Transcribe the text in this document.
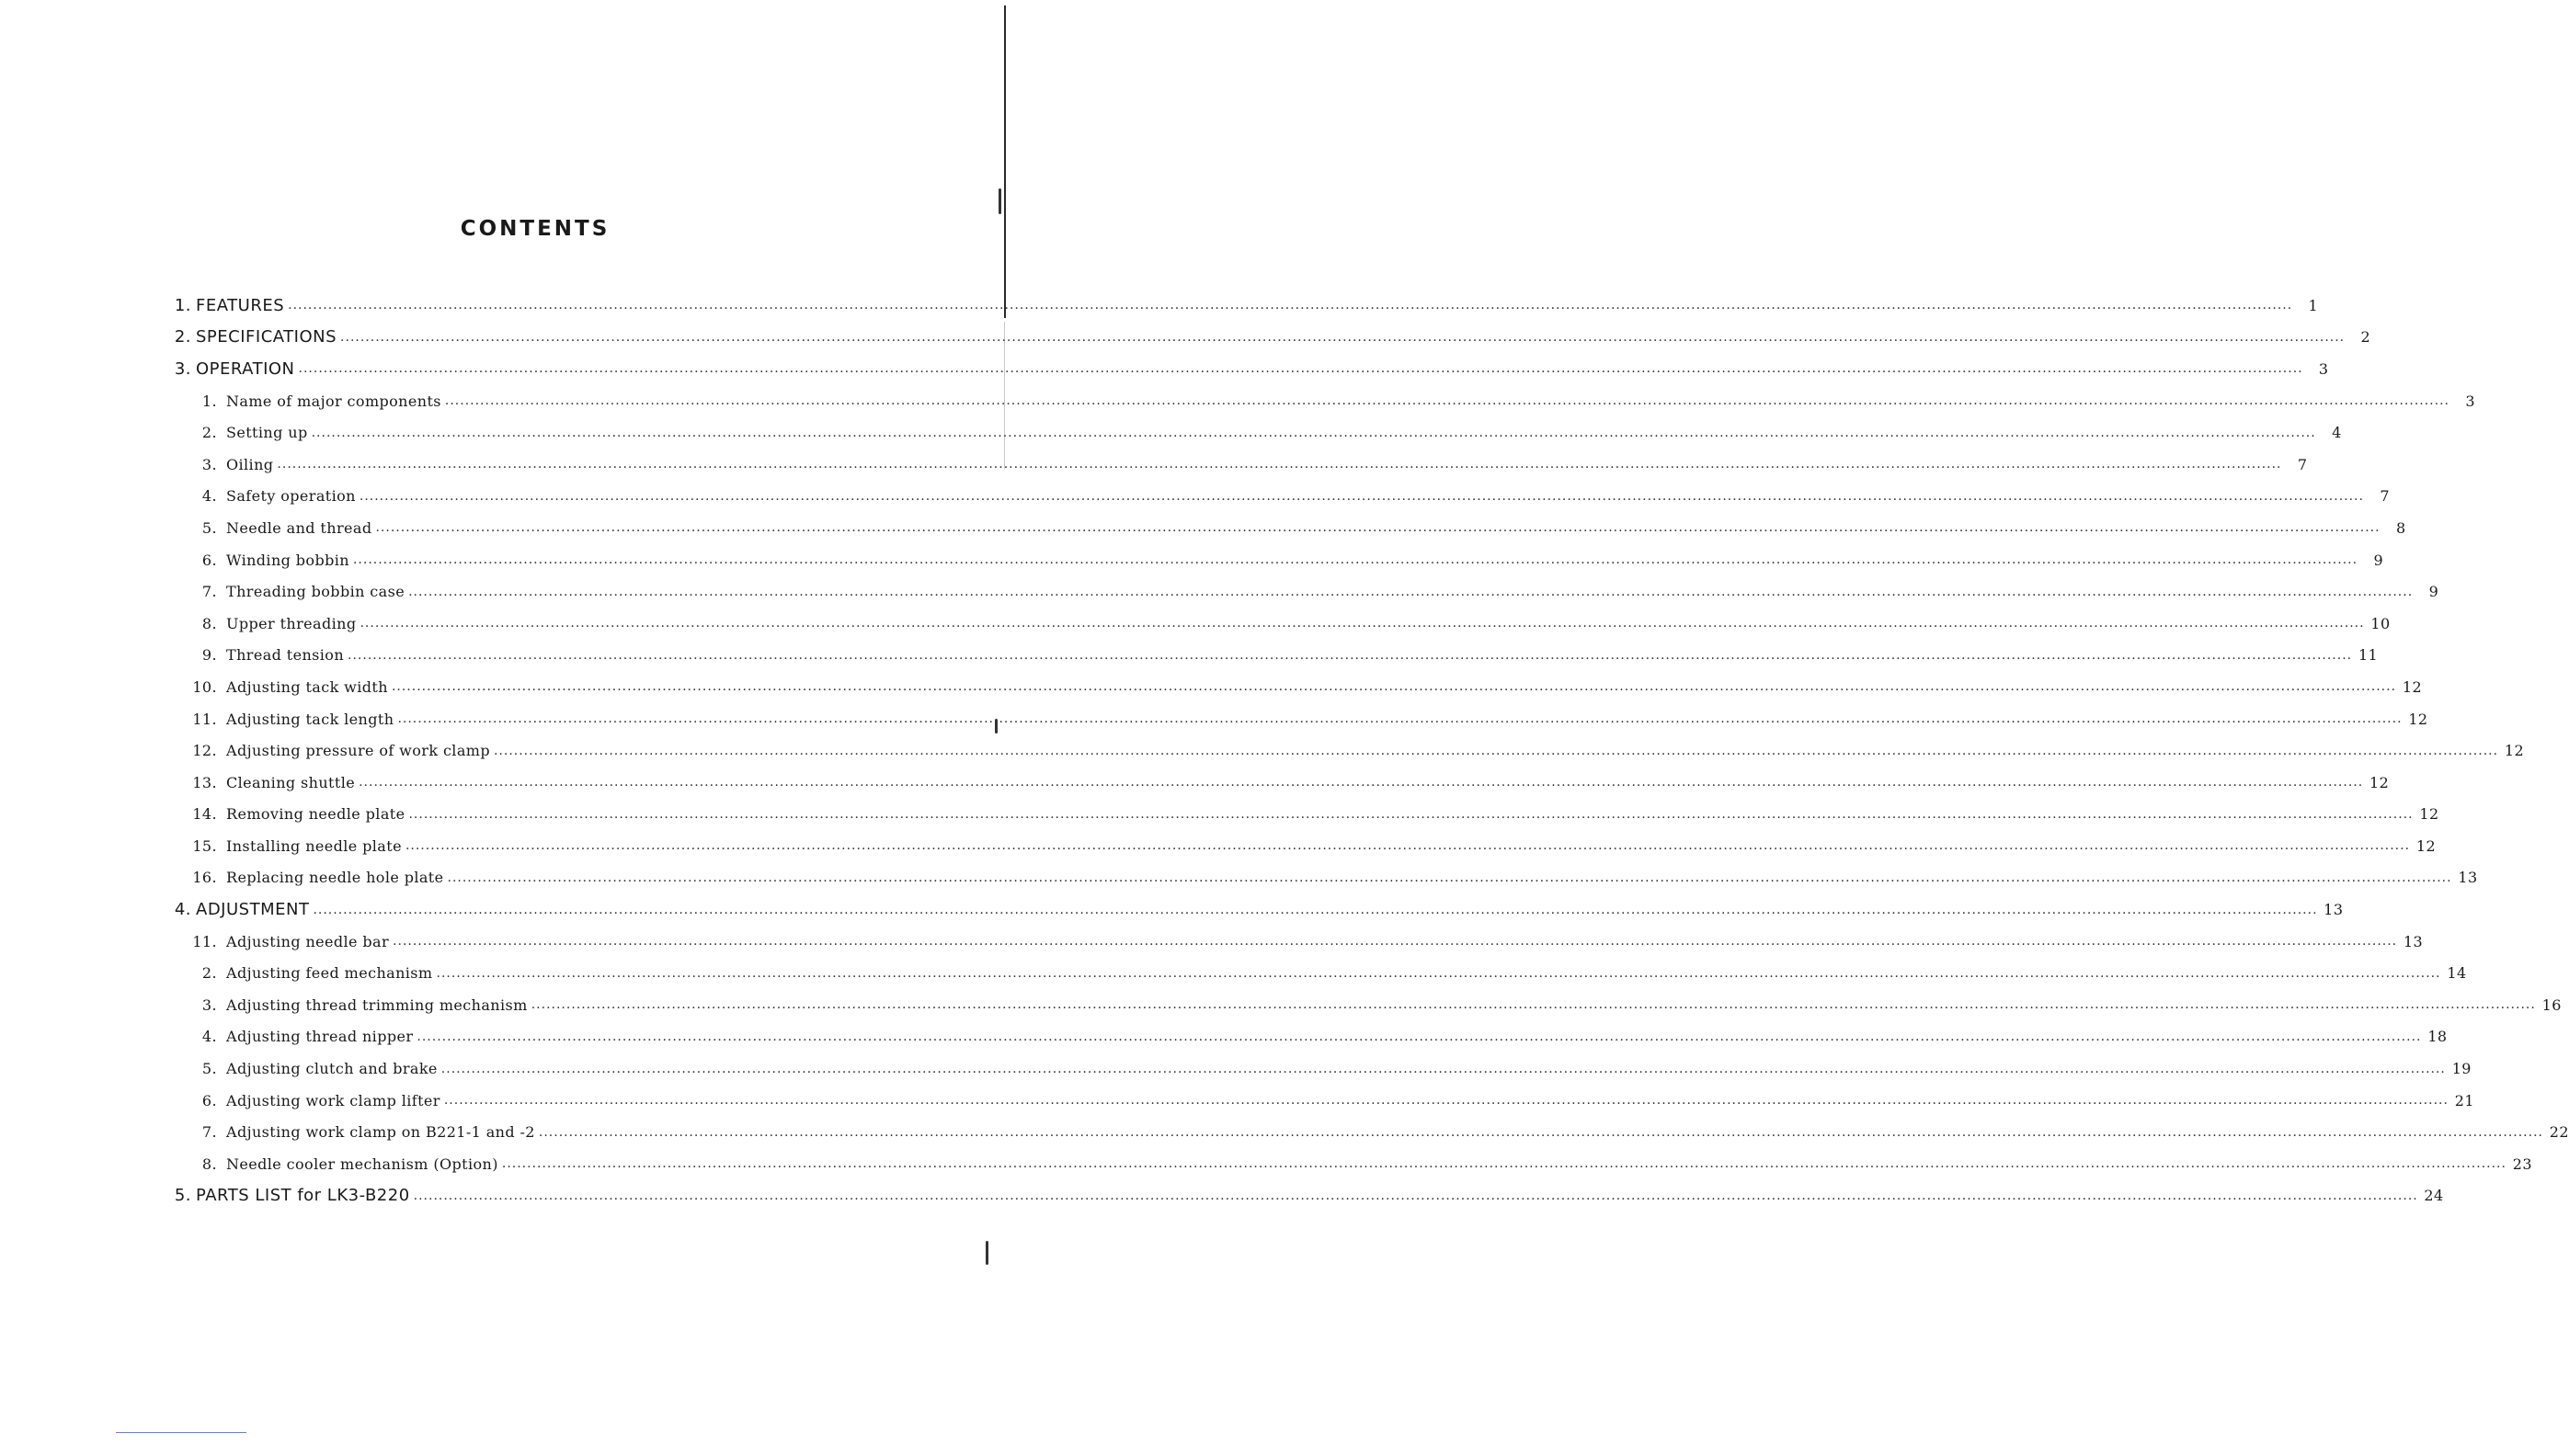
CONTENTS
1. FEATURES ................................................................................................................................................................................................................................................................................................................................................................................................................	1
2. SPECIFICATIONS ................................................................................................................................................................................................................................................................................................................................................................................................................	2
3. OPERATION ................................................................................................................................................................................................................................................................................................................................................................................................................	3
1. Name of major components ................................................................................................................................................................................................................................................................................................................................................................................................................	3
2. Setting up ................................................................................................................................................................................................................................................................................................................................................................................................................	4
3. Oiling ................................................................................................................................................................................................................................................................................................................................................................................................................	7
4. Safety operation ................................................................................................................................................................................................................................................................................................................................................................................................................	7
5. Needle and thread ................................................................................................................................................................................................................................................................................................................................................................................................................	8
6. Winding bobbin ................................................................................................................................................................................................................................................................................................................................................................................................................	9
7. Threading bobbin case ................................................................................................................................................................................................................................................................................................................................................................................................................	9
8. Upper threading ................................................................................................................................................................................................................................................................................................................................................................................................................ 10
9. Thread tension ................................................................................................................................................................................................................................................................................................................................................................................................................ 11
10. Adjusting tack width ................................................................................................................................................................................................................................................................................................................................................................................................................ 12
11. Adjusting tack length ................................................................................................................................................................................................................................................................................................................................................................................................................ 12
12. Adjusting pressure of work clamp ................................................................................................................................................................................................................................................................................................................................................................................................................ 12
13. Cleaning shuttle ................................................................................................................................................................................................................................................................................................................................................................................................................ 12
14. Removing needle plate ................................................................................................................................................................................................................................................................................................................................................................................................................ 12
15. Installing needle plate ................................................................................................................................................................................................................................................................................................................................................................................................................ 12
16. Replacing needle hole plate ................................................................................................................................................................................................................................................................................................................................................................................................................ 13
4. ADJUSTMENT ................................................................................................................................................................................................................................................................................................................................................................................................................ 13
11. Adjusting needle bar ................................................................................................................................................................................................................................................................................................................................................................................................................ 13
2. Adjusting feed mechanism ................................................................................................................................................................................................................................................................................................................................................................................................................ 14
3. Adjusting thread trimming mechanism ................................................................................................................................................................................................................................................................................................................................................................................................................ 16
4. Adjusting thread nipper ................................................................................................................................................................................................................................................................................................................................................................................................................ 18
5. Adjusting clutch and brake ................................................................................................................................................................................................................................................................................................................................................................................................................ 19
6. Adjusting work clamp lifter ................................................................................................................................................................................................................................................................................................................................................................................................................ 21
7. Adjusting work clamp on B221-1 and -2 ................................................................................................................................................................................................................................................................................................................................................................................................................ 22
8. Needle cooler mechanism (Option) ................................................................................................................................................................................................................................................................................................................................................................................................................ 23
5. PARTS LIST for LK3-B220 ................................................................................................................................................................................................................................................................................................................................................................................................................ 24
